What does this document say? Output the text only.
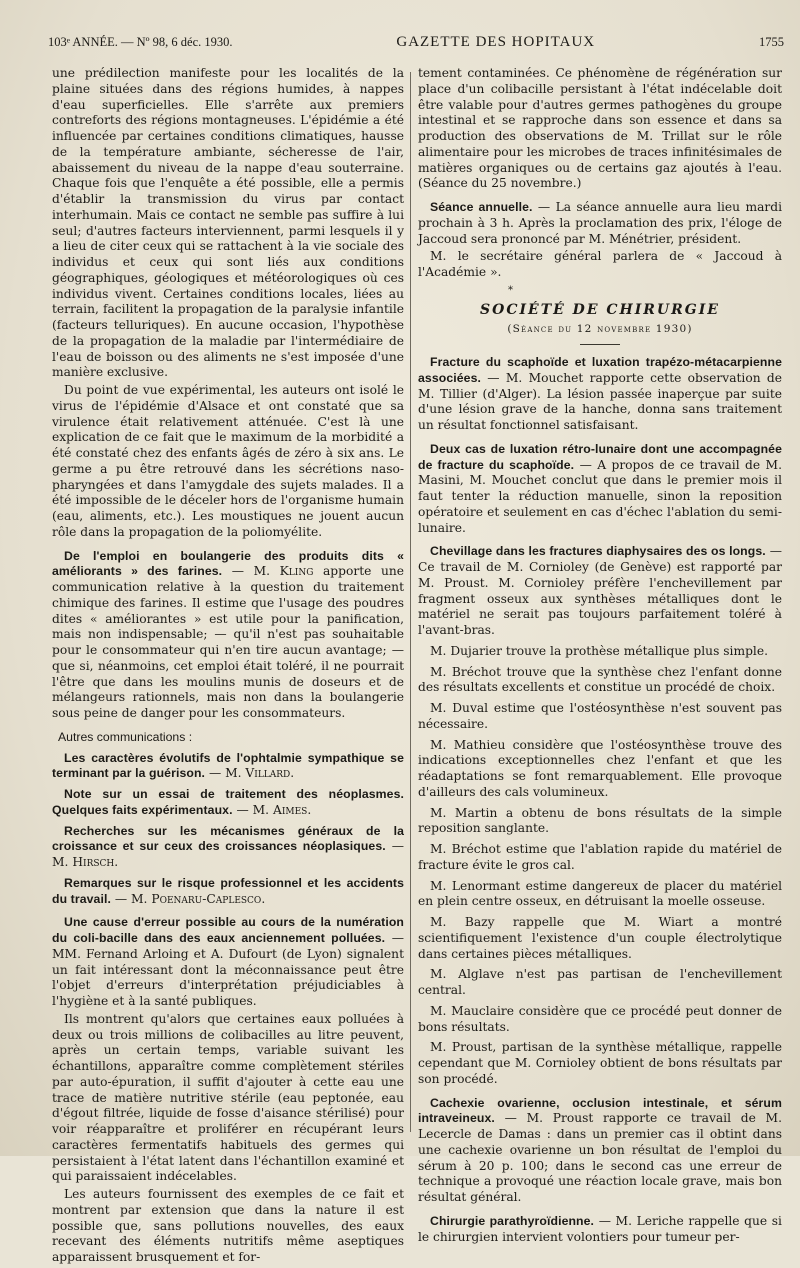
103ᵉ ANNÉE. — Nº 98, 6 déc. 1930.	GAZETTE DES HOPITAUX	1755

une prédilection manifeste pour les localités de la plaine situées dans des régions humides, à nappes d'eau superficielles. Elle s'arrête aux premiers contreforts des régions montagneuses. L'épidémie a été influencée par certaines conditions climatiques, hausse de la température ambiante, sécheresse de l'air, abaissement du niveau de la nappe d'eau souterraine. Chaque fois que l'enquête a été possible, elle a permis d'établir la transmission du virus par contact interhumain. Mais ce contact ne semble pas suffire à lui seul; d'autres facteurs interviennent, parmi lesquels il y a lieu de citer ceux qui se rattachent à la vie sociale des individus et ceux qui sont liés aux conditions géographiques, géologiques et météorologiques où ces individus vivent. Certaines conditions locales, liées au terrain, facilitent la propagation de la paralysie infantile (facteurs telluriques). En aucune occasion, l'hypothèse de la propagation de la maladie par l'intermédiaire de l'eau de boisson ou des aliments ne s'est imposée d'une manière exclusive.

Du point de vue expérimental, les auteurs ont isolé le virus de l'épidémie d'Alsace et ont constaté que sa virulence était relativement atténuée. C'est là une explication de ce fait que le maximum de la morbidité a été constaté chez des enfants âgés de zéro à six ans. Le germe a pu être retrouvé dans les sécrétions naso-pharyngées et dans l'amygdale des sujets malades. Il a été impossible de le déceler hors de l'organisme humain (eau, aliments, etc.). Les moustiques ne jouent aucun rôle dans la propagation de la poliomyélite.

De l'emploi en boulangerie des produits dits « améliorants » des farines. — M. Kling apporte une communication relative à la question du traitement chimique des farines. Il estime que l'usage des poudres dites « améliorantes » est utile pour la panification, mais non indispensable; — qu'il n'est pas souhaitable pour le consommateur qui n'en tire aucun avantage; — que si, néanmoins, cet emploi était toléré, il ne pourrait l'être que dans les moulins munis de doseurs et de mélangeurs rationnels, mais non dans la boulangerie sous peine de danger pour les consommateurs.

Autres communications :

Les caractères évolutifs de l'ophtalmie sympathique se terminant par la guérison. — M. Villard.

Note sur un essai de traitement des néoplasmes. Quelques faits expérimentaux. — M. Aimes.

Recherches sur les mécanismes généraux de la croissance et sur ceux des croissances néoplasiques. — M. Hirsch.

Remarques sur le risque professionnel et les accidents du travail. — M. Poenaru-Caplesco.

Une cause d'erreur possible au cours de la numération du coli-bacille dans des eaux anciennement polluées. — MM. Fernand Arloing et A. Dufourt (de Lyon) signalent un fait intéressant dont la méconnaissance peut être l'objet d'erreurs d'interprétation préjudiciables à l'hygiène et à la santé publiques.

Ils montrent qu'alors que certaines eaux polluées à deux ou trois millions de colibacilles au litre peuvent, après un certain temps, variable suivant les échantillons, apparaître comme complètement stériles par auto-épuration, il suffit d'ajouter à cette eau une trace de matière nutritive stérile (eau peptonée, eau d'égout filtrée, liquide de fosse d'aisance stérilisé) pour voir réapparaître et proliférer en récupérant leurs caractères fermentatifs habituels des germes qui persistaient à l'état latent dans l'échantillon examiné et qui paraissaient indécelables.

Les auteurs fournissent des exemples de ce fait et montrent par extension que dans la nature il est possible que, sans pollutions nouvelles, des eaux recevant des éléments nutritifs même aseptiques apparaissent brusquement et for-

tement contaminées. Ce phénomène de régénération sur place d'un colibacille persistant à l'état indécelable doit être valable pour d'autres germes pathogènes du groupe intestinal et se rapproche dans son essence et dans sa production des observations de M. Trillat sur le rôle alimentaire pour les microbes de traces infinitésimales de matières organiques ou de certains gaz ajoutés à l'eau. (Séance du 25 novembre.)

Séance annuelle. — La séance annuelle aura lieu mardi prochain à 3 h. Après la proclamation des prix, l'éloge de Jaccoud sera prononcé par M. Ménétrier, président.

M. le secrétaire général parlera de « Jaccoud à l'Académie ».

*
SOCIÉTÉ DE CHIRURGIE
(Séance du 12 novembre 1930)

Fracture du scaphoïde et luxation trapézo-métacarpienne associées. — M. Mouchet rapporte cette observation de M. Tillier (d'Alger). La lésion passée inaperçue par suite d'une lésion grave de la hanche, donna sans traitement un résultat fonctionnel satisfaisant.

Deux cas de luxation rétro-lunaire dont une accompagnée de fracture du scaphoïde. — A propos de ce travail de M. Masini, M. Mouchet conclut que dans le premier mois il faut tenter la réduction manuelle, sinon la reposition opératoire et seulement en cas d'échec l'ablation du semi-lunaire.

Chevillage dans les fractures diaphysaires des os longs. — Ce travail de M. Cornioley (de Genève) est rapporté par M. Proust. M. Cornioley préfère l'enchevillement par fragment osseux aux synthèses métalliques dont le matériel ne serait pas toujours parfaitement toléré à l'avant-bras.

M. Dujarier trouve la prothèse métallique plus simple.

M. Bréchot trouve que la synthèse chez l'enfant donne des résultats excellents et constitue un procédé de choix.

M. Duval estime que l'ostéosynthèse n'est souvent pas nécessaire.

M. Mathieu considère que l'ostéosynthèse trouve des indications exceptionnelles chez l'enfant et que les réadaptations se font remarquablement. Elle provoque d'ailleurs des cals volumineux.

M. Martin a obtenu de bons résultats de la simple reposition sanglante.

M. Bréchot estime que l'ablation rapide du matériel de fracture évite le gros cal.

M. Lenormant estime dangereux de placer du matériel en plein centre osseux, en détruisant la moelle osseuse.

M. Bazy rappelle que M. Wiart a montré scientifiquement l'existence d'un couple électrolytique dans certaines pièces métalliques.

M. Alglave n'est pas partisan de l'enchevillement central.

M. Mauclaire considère que ce procédé peut donner de bons résultats.

M. Proust, partisan de la synthèse métallique, rappelle cependant que M. Cornioley obtient de bons résultats par son procédé.

Cachexie ovarienne, occlusion intestinale, et sérum intraveineux. — M. Proust rapporte ce travail de M. Lecercle de Damas : dans un premier cas il obtint dans une cachexie ovarienne un bon résultat de l'emploi du sérum à 20 p. 100; dans le second cas une erreur de technique a provoqué une réaction locale grave, mais bon résultat général.

Chirurgie parathyroïdienne. — M. Leriche rappelle que si le chirurgien intervient volontiers pour tumeur per-
